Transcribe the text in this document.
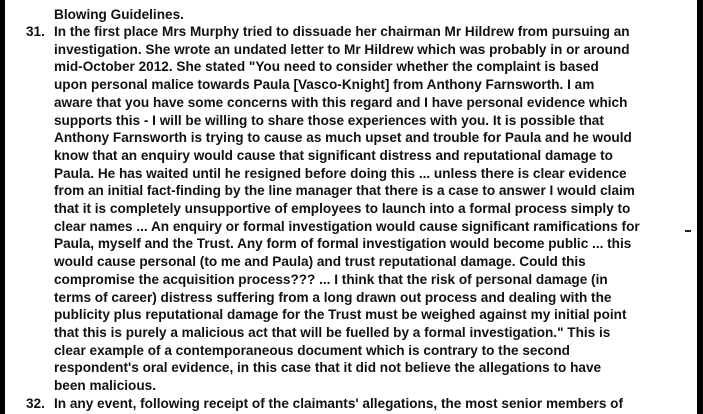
Blowing Guidelines.
31. In the first place Mrs Murphy tried to dissuade her chairman Mr Hildrew from pursuing an
investigation. She wrote an undated letter to Mr Hildrew which was probably in or around
mid-October 2012. She stated "You need to consider whether the complaint is based
upon personal malice towards Paula [Vasco-Knight] from Anthony Farnsworth. I am
aware that you have some concerns with this regard and I have personal evidence which
supports this - I will be willing to share those experiences with you. It is possible that
Anthony Farnsworth is trying to cause as much upset and trouble for Paula and he would
know that an enquiry would cause that significant distress and reputational damage to
Paula. He has waited until he resigned before doing this ... unless there is clear evidence
from an initial fact-finding by the line manager that there is a case to answer I would claim
that it is completely unsupportive of employees to launch into a formal process simply to
clear names ... An enquiry or formal investigation would cause significant ramifications for
Paula, myself and the Trust. Any form of formal investigation would become public ... this
would cause personal (to me and Paula) and trust reputational damage. Could this
compromise the acquisition process??? ... I think that the risk of personal damage (in
terms of career) distress suffering from a long drawn out process and dealing with the
publicity plus reputational damage for the Trust must be weighed against my initial point
that this is purely a malicious act that will be fuelled by a formal investigation." This is
clear example of a contemporaneous document which is contrary to the second
respondent's oral evidence, in this case that it did not believe the allegations to have
been malicious.
32. In any event, following receipt of the claimants' allegations, the most senior members of
